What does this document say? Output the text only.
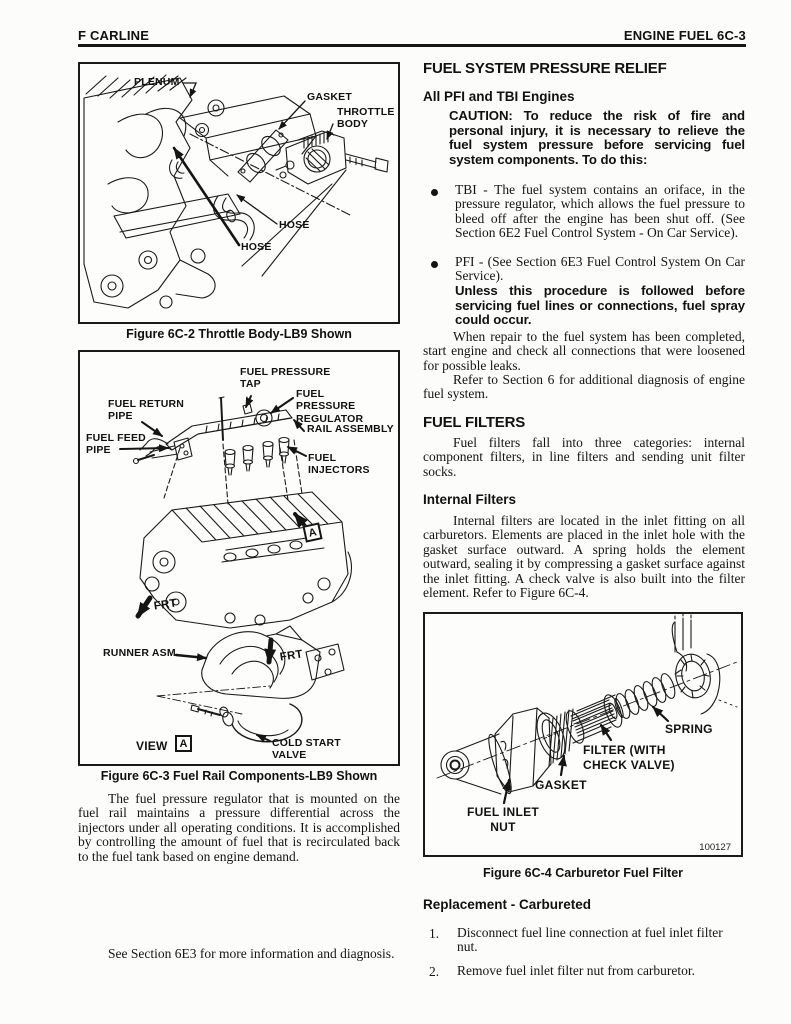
F CARLINE	ENGINE FUEL 6C-3
PLENUM
GASKET
THROTTLE BODY
HOSE
HOSE
Figure 6C-2 Throttle Body-LB9 Shown
FUEL PRESSURE TAP
FUEL PRESSURE REGULATOR
FUEL RETURN PIPE
FUEL FEED PIPE
RAIL ASSEMBLY
FUEL INJECTORS
FRT
A
RUNNER ASM.	FRT
VIEW	A	COLD START VALVE
Figure 6C-3 Fuel Rail Components-LB9 Shown

The fuel pressure regulator that is mounted on the fuel rail maintains a pressure differential across the injectors under all operating conditions. It is accomplished by controlling the amount of fuel that is recirculated back to the fuel tank based on engine demand.

See Section 6E3 for more information and diagnosis.

FUEL SYSTEM PRESSURE RELIEF
All PFI and TBI Engines
CAUTION: To reduce the risk of fire and personal injury, it is necessary to relieve the fuel system pressure before servicing fuel system components. To do this:
TBI - The fuel system contains an oriface, in the pressure regulator, which allows the fuel pressure to bleed off after the engine has been shut off. (See Section 6E2 Fuel Control System - On Car Service).
PFI - (See Section 6E3 Fuel Control System On Car Service).
Unless this procedure is followed before servicing fuel lines or connections, fuel spray could occur.

When repair to the fuel system has been completed, start engine and check all connections that were loosened for possible leaks.

Refer to Section 6 for additional diagnosis of engine fuel system.

FUEL FILTERS

Fuel filters fall into three categories: internal component filters, in line filters and sending unit filter socks.

Internal Filters

Internal filters are located in the inlet fitting on all carburetors. Elements are placed in the inlet hole with the gasket surface outward. A spring holds the element outward, sealing it by compressing a gasket surface against the inlet fitting. A check valve is also built into the filter element. Refer to Figure 6C-4.

SPRING
FILTER (WITH CHECK VALVE)
GASKET
FUEL INLET NUT
100127
Figure 6C-4 Carburetor Fuel Filter
Replacement - Carbureted
1. Disconnect fuel line connection at fuel inlet filter nut.
2. Remove fuel inlet filter nut from carburetor.
